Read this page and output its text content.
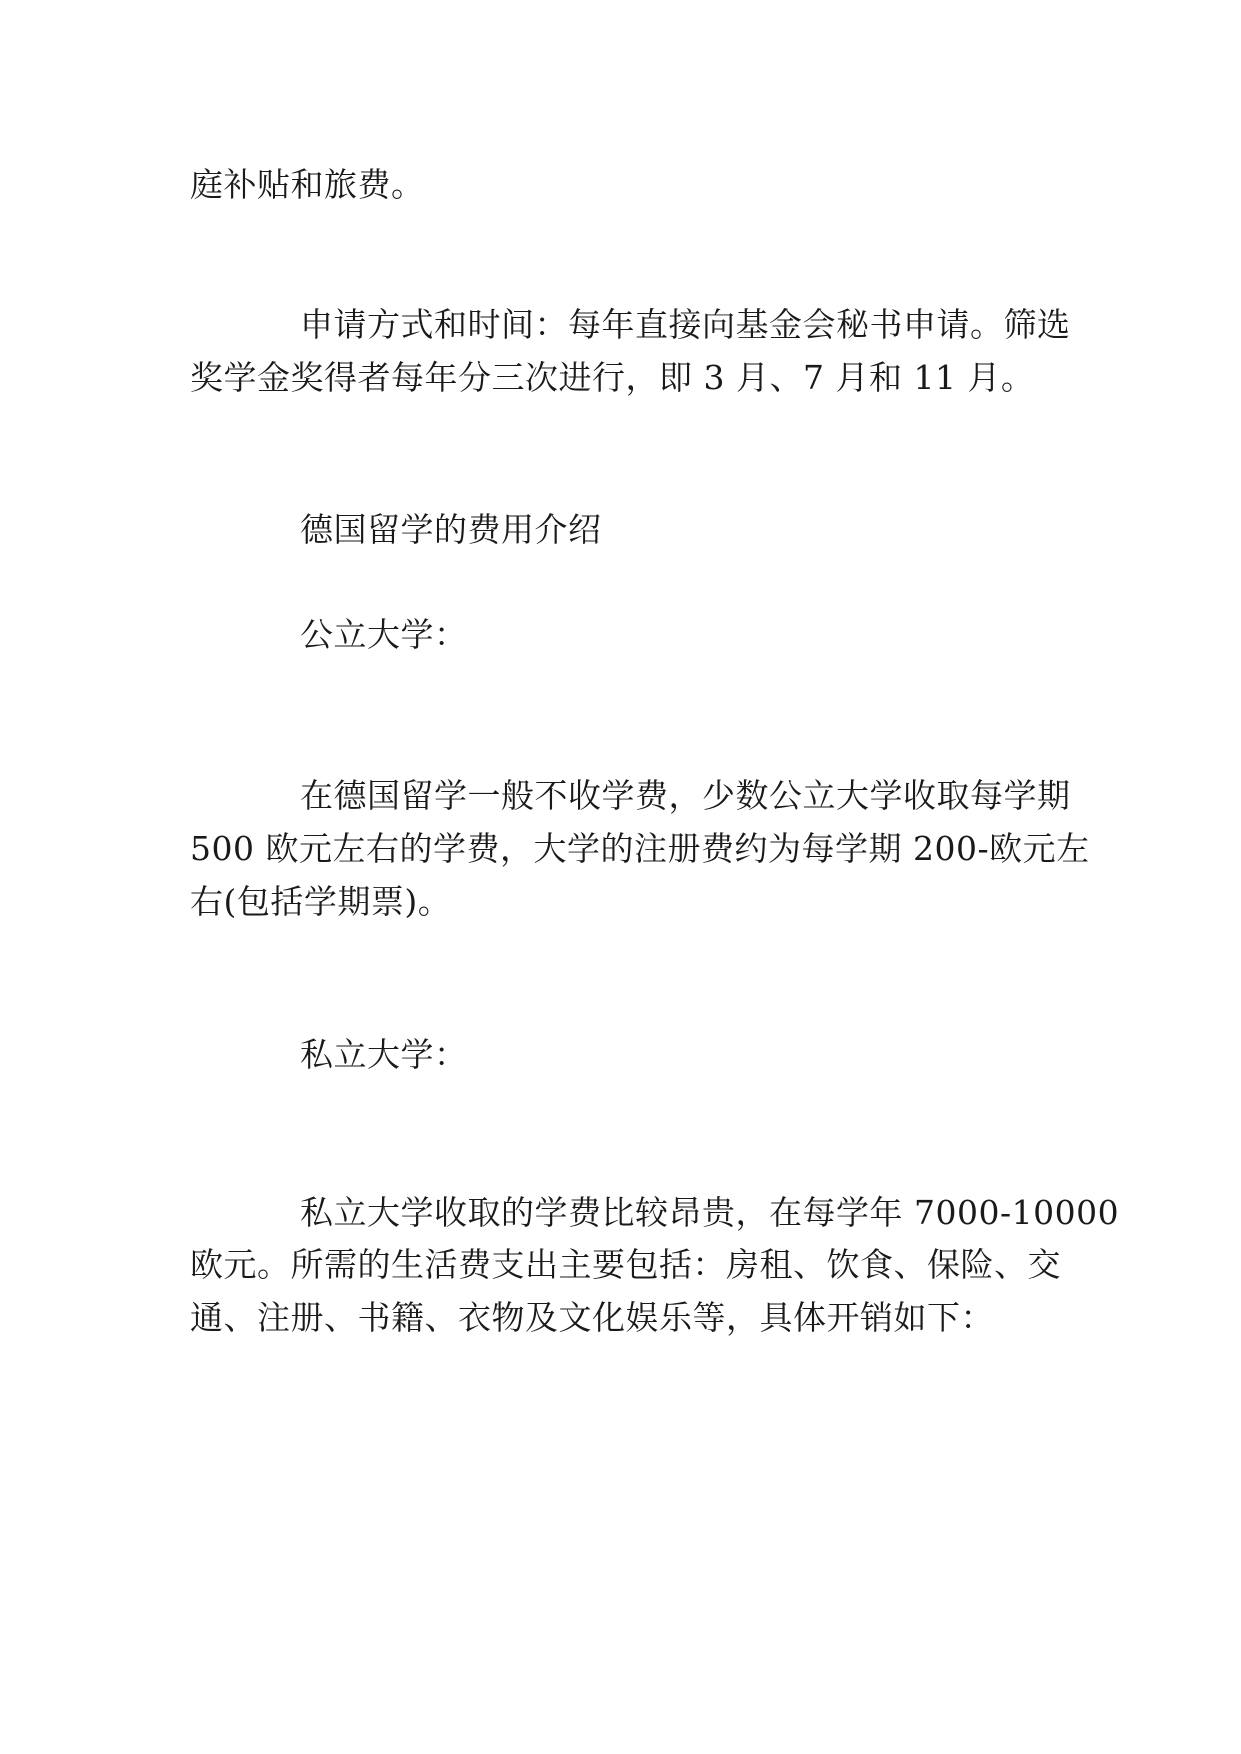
庭补贴和旅费。
申请方式和时间：每年直接向基金会秘书申请。筛选
奖学金奖得者每年分三次进行，即 3 月、7 月和 11 月。
德国留学的费用介绍
公立大学：
在德国留学一般不收学费，少数公立大学收取每学期
500 欧元左右的学费，大学的注册费约为每学期 200-欧元左
右(包括学期票)。
私立大学：
私立大学收取的学费比较昂贵，在每学年 7000-10000
欧元。所需的生活费支出主要包括：房租、饮食、保险、交
通、注册、书籍、衣物及文化娱乐等，具体开销如下：
